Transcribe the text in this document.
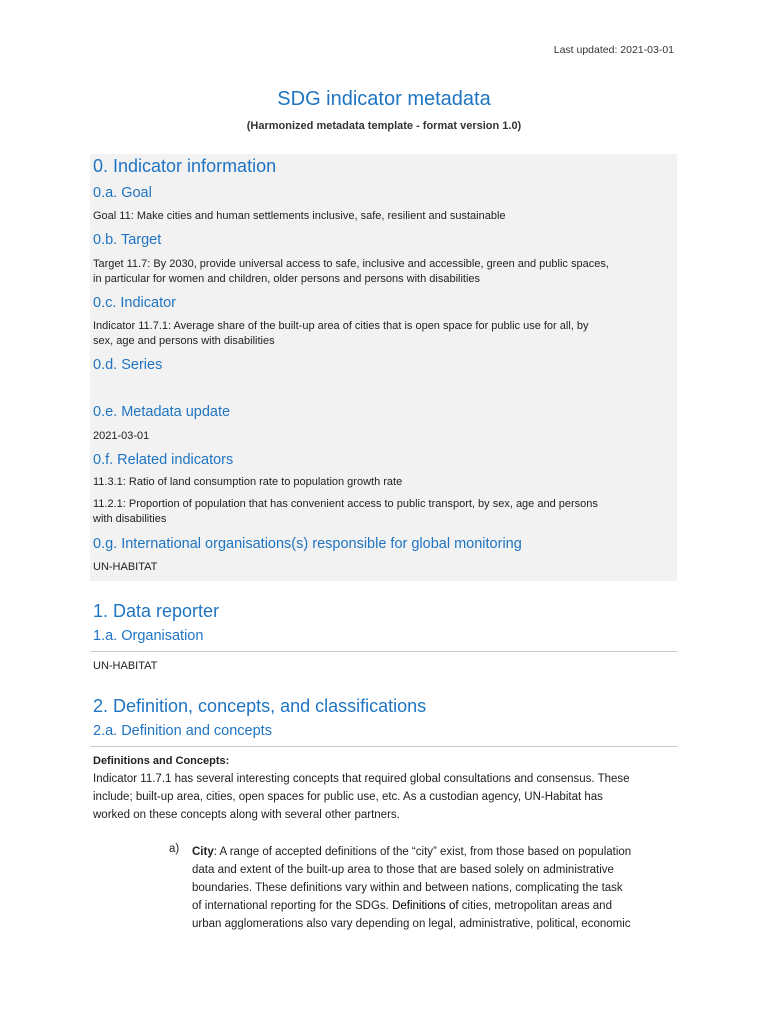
Last updated: 2021-03-01
SDG indicator metadata
(Harmonized metadata template - format version 1.0)
0. Indicator information
0.a. Goal
Goal 11: Make cities and human settlements inclusive, safe, resilient and sustainable
0.b. Target
Target 11.7: By 2030, provide universal access to safe, inclusive and accessible, green and public spaces,
in particular for women and children, older persons and persons with disabilities
0.c. Indicator
Indicator 11.7.1: Average share of the built-up area of cities that is open space for public use for all, by
sex, age and persons with disabilities
0.d. Series
0.e. Metadata update
2021-03-01
0.f. Related indicators
11.3.1: Ratio of land consumption rate to population growth rate
11.2.1: Proportion of population that has convenient access to public transport, by sex, age and persons
with disabilities
0.g. International organisations(s) responsible for global monitoring
UN-HABITAT
1. Data reporter
1.a. Organisation
UN-HABITAT
2. Definition, concepts, and classifications
2.a. Definition and concepts
Definitions and Concepts:
Indicator 11.7.1 has several interesting concepts that required global consultations and consensus. These
include; built-up area, cities, open spaces for public use, etc. As a custodian agency, UN-Habitat has
worked on these concepts along with several other partners.
a) City: A range of accepted definitions of the “city” exist, from those based on population
data and extent of the built-up area to those that are based solely on administrative
boundaries. These definitions vary within and between nations, complicating the task
of international reporting for the SDGs. Definitions of cities, metropolitan areas and
urban agglomerations also vary depending on legal, administrative, political, economic
